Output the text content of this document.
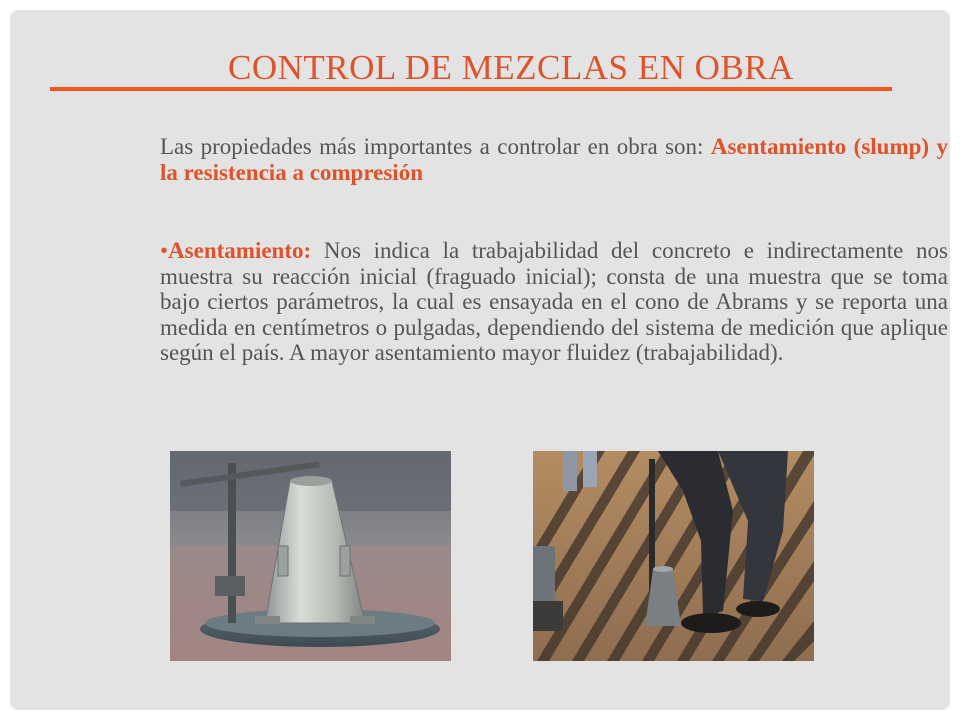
CONTROL DE MEZCLAS EN OBRA
Las propiedades más importantes a controlar en obra son: Asentamiento (slump) y la resistencia a compresión
•Asentamiento: Nos indica la trabajabilidad del concreto e indirectamente nos muestra su reacción inicial (fraguado inicial); consta de una muestra que se toma bajo ciertos parámetros, la cual es ensayada en el cono de Abrams y se reporta una medida en centímetros o pulgadas, dependiendo del sistema de medición que aplique según el país. A mayor asentamiento mayor fluidez (trabajabilidad).
